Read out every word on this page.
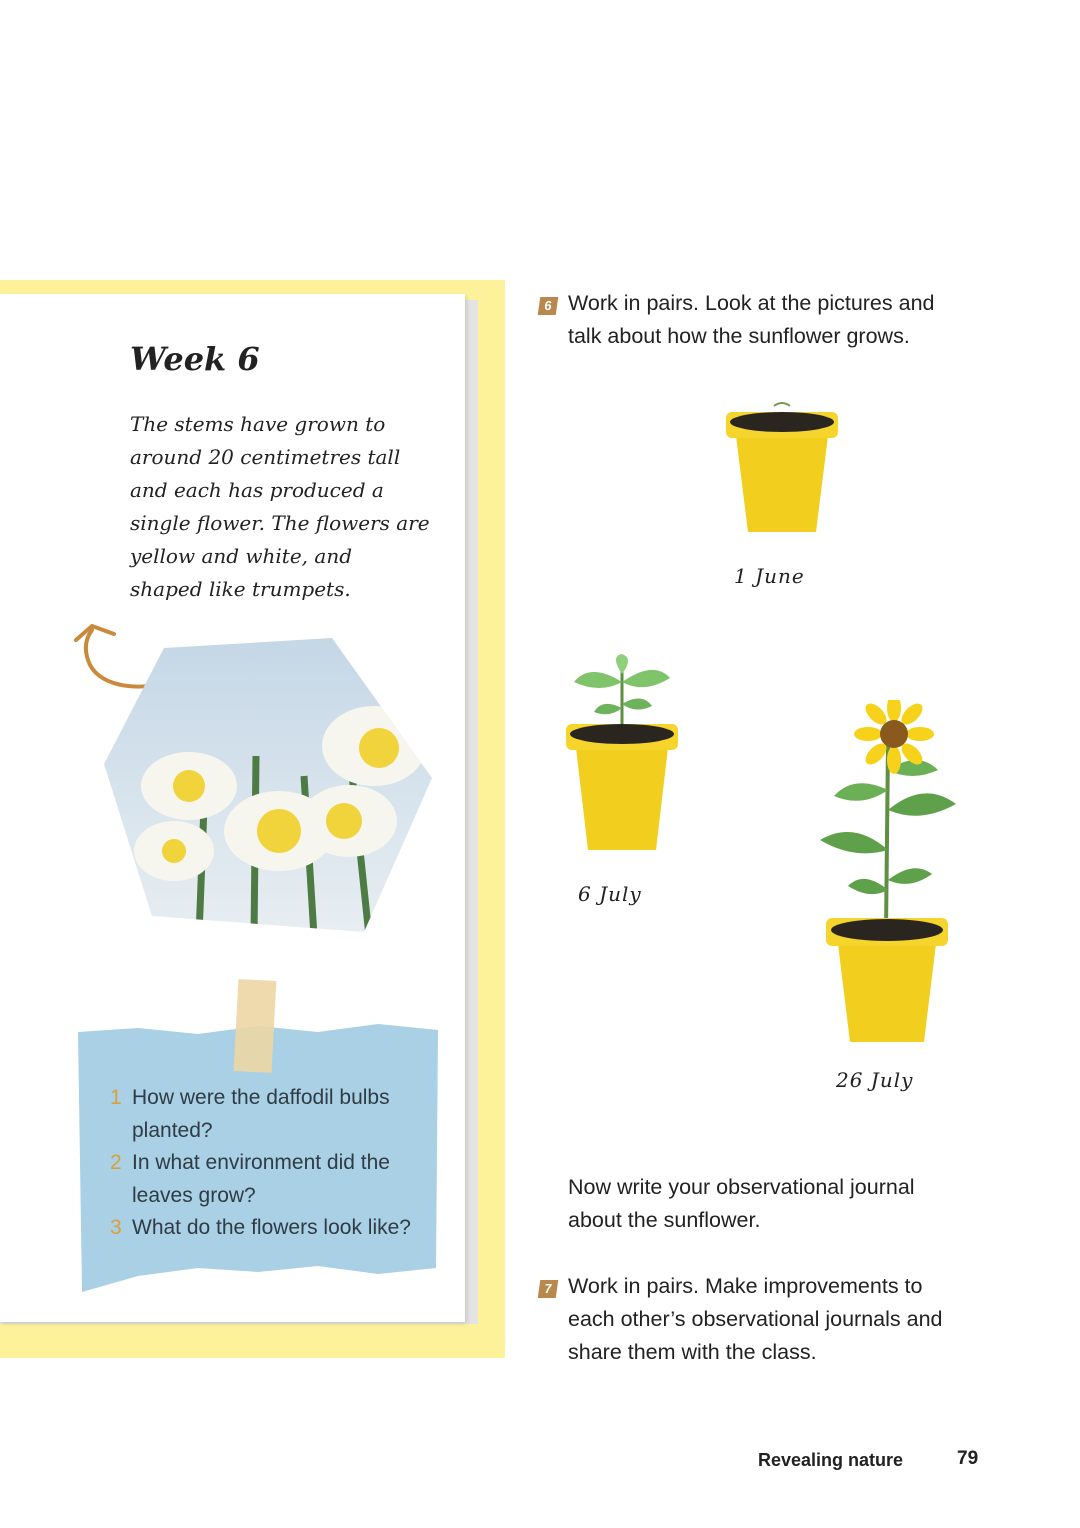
Week 6

The stems have grown to around 20 centimetres tall and each has produced a single flower. The flowers are yellow and white, and shaped like trumpets.

1 How were the daffodil bulbs planted?
2 In what environment did the leaves grow?
3 What do the flowers look like?
6 Work in pairs. Look at the pictures and

talk about how the sunflower grows.

1 June

6 July

26 July

Now write your observational journal

about the sunflower.

7 Work in pairs. Make improvements to

each other’s observational journals and

share them with the class.

Revealing nature	79
